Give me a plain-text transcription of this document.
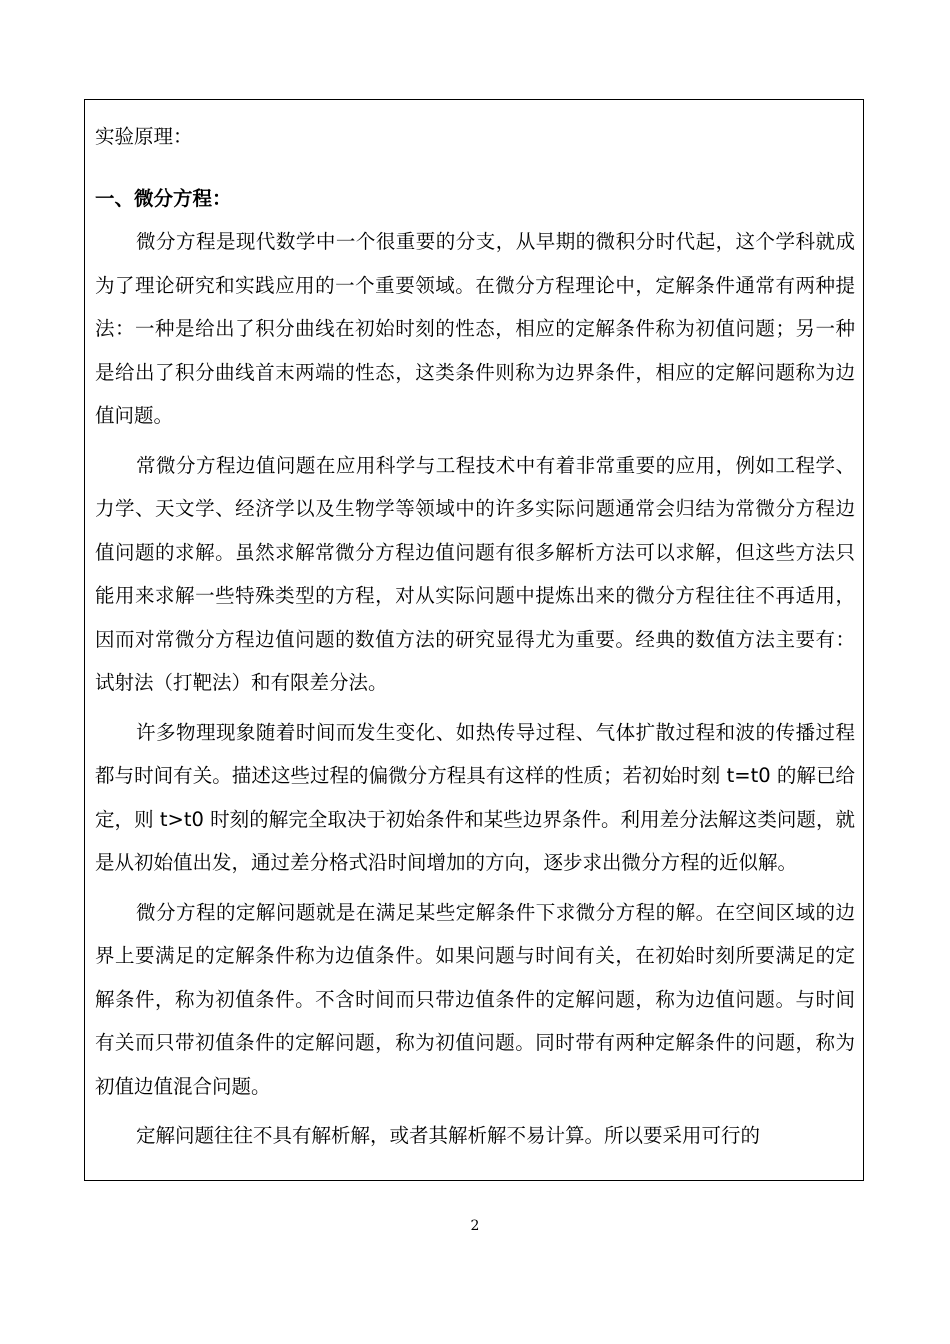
实验原理：

一、微分方程：

微分方程是现代数学中一个很重要的分支，从早期的微积分时代起，这个学科就成为了理论研究和实践应用的一个重要领域。在微分方程理论中，定解条件通常有两种提法：一种是给出了积分曲线在初始时刻的性态，相应的定解条件称为初值问题；另一种是给出了积分曲线首末两端的性态，这类条件则称为边界条件，相应的定解问题称为边值问题。

常微分方程边值问题在应用科学与工程技术中有着非常重要的应用，例如工程学、力学、天文学、经济学以及生物学等领域中的许多实际问题通常会归结为常微分方程边值问题的求解。虽然求解常微分方程边值问题有很多解析方法可以求解，但这些方法只能用来求解一些特殊类型的方程，对从实际问题中提炼出来的微分方程往往不再适用，因而对常微分方程边值问题的数值方法的研究显得尤为重要。经典的数值方法主要有：试射法（打靶法）和有限差分法。

许多物理现象随着时间而发生变化、如热传导过程、气体扩散过程和波的传播过程都与时间有关。描述这些过程的偏微分方程具有这样的性质；若初始时刻 t=t0 的解已给定，则 t>t0 时刻的解完全取决于初始条件和某些边界条件。利用差分法解这类问题，就是从初始值出发，通过差分格式沿时间增加的方向，逐步求出微分方程的近似解。

微分方程的定解问题就是在满足某些定解条件下求微分方程的解。在空间区域的边界上要满足的定解条件称为边值条件。如果问题与时间有关，在初始时刻所要满足的定解条件，称为初值条件。不含时间而只带边值条件的定解问题，称为边值问题。与时间有关而只带初值条件的定解问题，称为初值问题。同时带有两种定解条件的问题，称为初值边值混合问题。

定解问题往往不具有解析解，或者其解析解不易计算。所以要采用可行的

2
